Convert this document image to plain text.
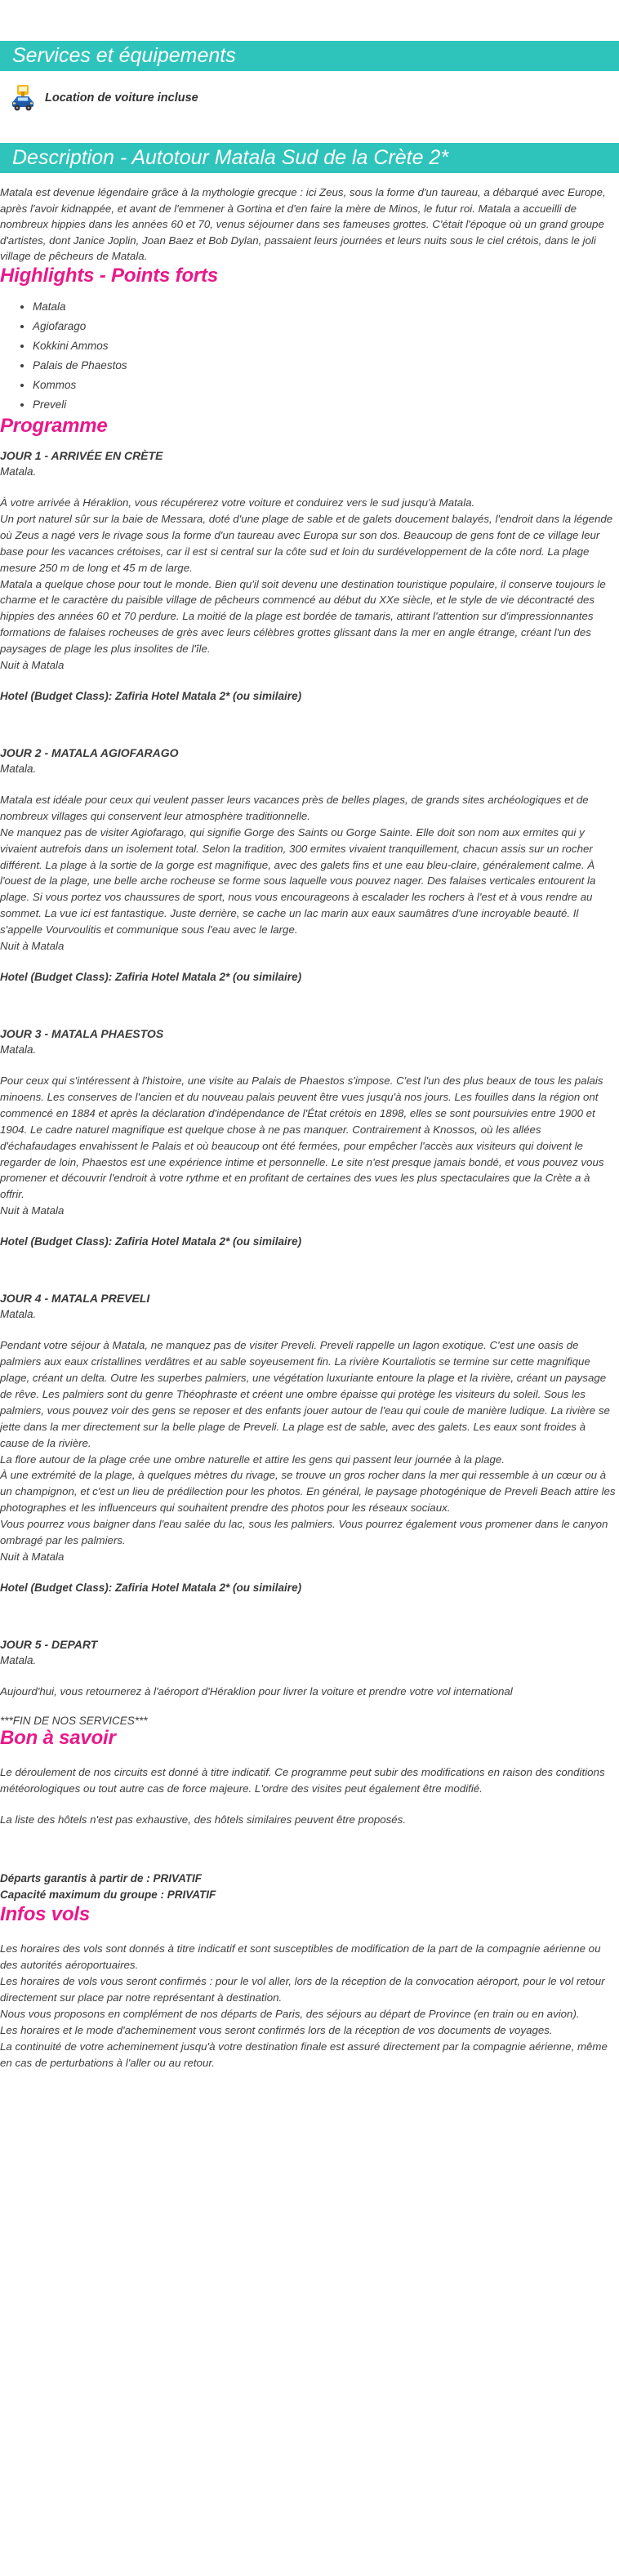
Services et équipements
Location de voiture incluse
Description - Autotour Matala Sud de la Crète 2*
Matala est devenue légendaire grâce à la mythologie grecque : ici Zeus, sous la forme d'un taureau, a débarqué avec Europe, après l'avoir kidnappée, et avant de l'emmener à Gortina et d'en faire la mère de Minos, le futur roi. Matala a accueilli de nombreux hippies dans les années 60 et 70, venus séjourner dans ses fameuses grottes. C'était l'époque où un grand groupe d'artistes, dont Janice Joplin, Joan Baez et Bob Dylan, passaient leurs journées et leurs nuits sous le ciel crétois, dans le joli village de pêcheurs de Matala.
Highlights - Points forts
• Matala
• Agiofarago
• Kokkini Ammos
• Palais de Phaestos
• Kommos
• Preveli
Programme
JOUR 1 - ARRIVÉE EN CRÈTE
Matala.

À votre arrivée à Héraklion, vous récupérerez votre voiture et conduirez vers le sud jusqu'à Matala.

Un port naturel sûr sur la baie de Messara, doté d'une plage de sable et de galets doucement balayés, l'endroit dans la légende où Zeus a nagé vers le rivage sous la forme d'un taureau avec Europa sur son dos. Beaucoup de gens font de ce village leur base pour les vacances crétoises, car il est si central sur la côte sud et loin du surdéveloppement de la côte nord. La plage mesure 250 m de long et 45 m de large.

Matala a quelque chose pour tout le monde. Bien qu'il soit devenu une destination touristique populaire, il conserve toujours le charme et le caractère du paisible village de pêcheurs commencé au début du XXe siècle, et le style de vie décontracté des hippies des années 60 et 70 perdure. La moitié de la plage est bordée de tamaris, attirant l'attention sur d'impressionnantes formations de falaises rocheuses de grès avec leurs célèbres grottes glissant dans la mer en angle étrange, créant l'un des paysages de plage les plus insolites de l'île.

Nuit à Matala

Hotel (Budget Class): Zafiria Hotel Matala 2* (ou similaire)
JOUR 2 - MATALA AGIOFARAGO
Matala.

Matala est idéale pour ceux qui veulent passer leurs vacances près de belles plages, de grands sites archéologiques et de nombreux villages qui conservent leur atmosphère traditionnelle.

Ne manquez pas de visiter Agiofarago, qui signifie Gorge des Saints ou Gorge Sainte. Elle doit son nom aux ermites qui y vivaient autrefois dans un isolement total. Selon la tradition, 300 ermites vivaient tranquillement, chacun assis sur un rocher différent. La plage à la sortie de la gorge est magnifique, avec des galets fins et une eau bleu-claire, généralement calme. À l'ouest de la plage, une belle arche rocheuse se forme sous laquelle vous pouvez nager. Des falaises verticales entourent la plage. Si vous portez vos chaussures de sport, nous vous encourageons à escalader les rochers à l'est et à vous rendre au sommet. La vue ici est fantastique. Juste derrière, se cache un lac marin aux eaux saumâtres d'une incroyable beauté. Il s'appelle Vourvoulitis et communique sous l'eau avec le large.

Nuit à Matala

Hotel (Budget Class): Zafiria Hotel Matala 2* (ou similaire)
JOUR 3 - MATALA PHAESTOS
Matala.

Pour ceux qui s'intéressent à l'histoire, une visite au Palais de Phaestos s'impose. C'est l'un des plus beaux de tous les palais minoens. Les conserves de l'ancien et du nouveau palais peuvent être vues jusqu'à nos jours. Les fouilles dans la région ont commencé en 1884 et après la déclaration d'indépendance de l'État crétois en 1898, elles se sont poursuivies entre 1900 et 1904. Le cadre naturel magnifique est quelque chose à ne pas manquer. Contrairement à Knossos, où les allées d'échafaudages envahissent le Palais et où beaucoup ont été fermées, pour empêcher l'accès aux visiteurs qui doivent le regarder de loin, Phaestos est une expérience intime et personnelle. Le site n'est presque jamais bondé, et vous pouvez vous promener et découvrir l'endroit à votre rythme et en profitant de certaines des vues les plus spectaculaires que la Crète a à offrir.

Nuit à Matala

Hotel (Budget Class): Zafiria Hotel Matala 2* (ou similaire)
JOUR 4 - MATALA PREVELI
Matala.

Pendant votre séjour à Matala, ne manquez pas de visiter Preveli. Preveli rappelle un lagon exotique. C'est une oasis de palmiers aux eaux cristallines verdâtres et au sable soyeusement fin. La rivière Kourtaliotis se termine sur cette magnifique plage, créant un delta. Outre les superbes palmiers, une végétation luxuriante entoure la plage et la rivière, créant un paysage de rêve. Les palmiers sont du genre Théophraste et créent une ombre épaisse qui protège les visiteurs du soleil. Sous les palmiers, vous pouvez voir des gens se reposer et des enfants jouer autour de l'eau qui coule de manière ludique. La rivière se jette dans la mer directement sur la belle plage de Preveli. La plage est de sable, avec des galets. Les eaux sont froides à cause de la rivière.

La flore autour de la plage crée une ombre naturelle et attire les gens qui passent leur journée à la plage.

À une extrémité de la plage, à quelques mètres du rivage, se trouve un gros rocher dans la mer qui ressemble à un cœur ou à un champignon, et c'est un lieu de prédilection pour les photos. En général, le paysage photogénique de Preveli Beach attire les photographes et les influenceurs qui souhaitent prendre des photos pour les réseaux sociaux.

Vous pourrez vous baigner dans l'eau salée du lac, sous les palmiers. Vous pourrez également vous promener dans le canyon ombragé par les palmiers.

Nuit à Matala

Hotel (Budget Class): Zafiria Hotel Matala 2* (ou similaire)
JOUR 5 - DEPART
Matala.

Aujourd'hui, vous retournerez à l'aéroport d'Héraklion pour livrer la voiture et prendre votre vol international

***FIN DE NOS SERVICES***
Bon à savoir
Le déroulement de nos circuits est donné à titre indicatif. Ce programme peut subir des modifications en raison des conditions météorologiques ou tout autre cas de force majeure. L'ordre des visites peut également être modifié.
La liste des hôtels n'est pas exhaustive, des hôtels similaires peuvent être proposés.
Départs garantis à partir de : PRIVATIF
Capacité maximum du groupe : PRIVATIF
Infos vols

Les horaires des vols sont donnés à titre indicatif et sont susceptibles de modification de la part de la compagnie aérienne ou des autorités aéroportuaires.

Les horaires de vols vous seront confirmés : pour le vol aller, lors de la réception de la convocation aéroport, pour le vol retour directement sur place par notre représentant à destination.

Nous vous proposons en complément de nos départs de Paris, des séjours au départ de Province (en train ou en avion).

Les horaires et le mode d'acheminement vous seront confirmés lors de la réception de vos documents de voyages.

La continuité de votre acheminement jusqu'à votre destination finale est assuré directement par la compagnie aérienne, même en cas de perturbations à l'aller ou au retour.
